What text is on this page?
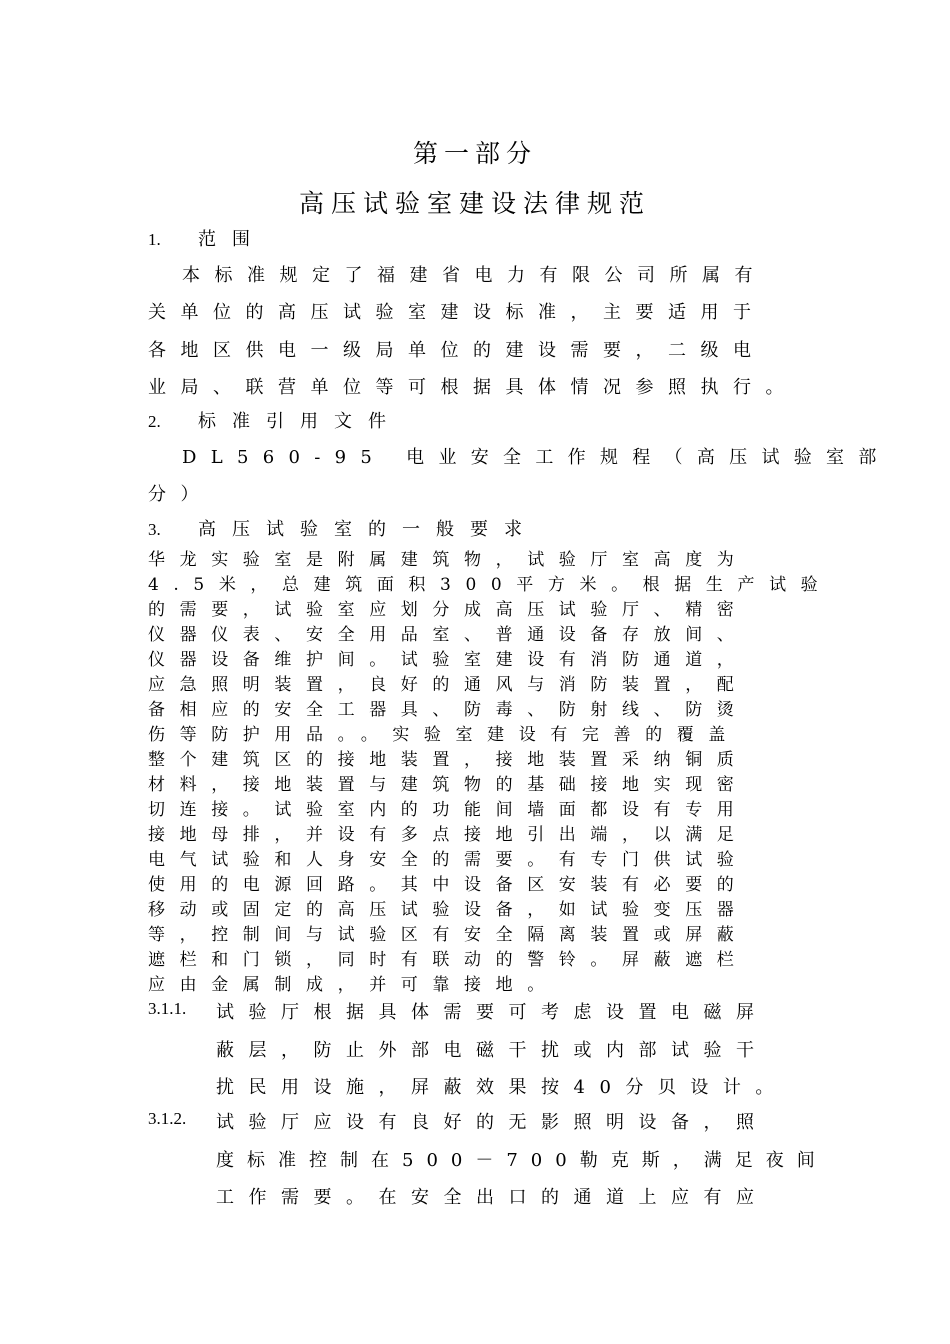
第一部分
高压试验室建设法律规范
1. 范围
本标准规定了福建省电力有限公司所属有
关单位的高压试验室建设标准，主要适用于
各地区供电一级局单位的建设需要，二级电
业局、联营单位等可根据具体情况参照执行。
2. 标准引用文件
DL560-95 电业安全工作规程（高压试验室部
分）
3. 高压试验室的一般要求
华龙实验室是附属建筑物，试验厅室高度为
4.5米，总建筑面积300平方米。根据生产试验
的需要，试验室应划分成高压试验厅、精密
仪器仪表、安全用品室、普通设备存放间、
仪器设备维护间。试验室建设有消防通道，
应急照明装置，良好的通风与消防装置，配
备相应的安全工器具、防毒、防射线、防烫
伤等防护用品。。实验室建设有完善的覆盖
整个建筑区的接地装置，接地装置采纳铜质
材料，接地装置与建筑物的基础接地实现密
切连接。试验室内的功能间墙面都设有专用
接地母排，并设有多点接地引出端，以满足
电气试验和人身安全的需要。有专门供试验
使用的电源回路。其中设备区安装有必要的
移动或固定的高压试验设备，如试验变压器
等，控制间与试验区有安全隔离装置或屏蔽
遮栏和门锁，同时有联动的警铃。屏蔽遮栏
应由金属制成，并可靠接地。
3.1.1. 试验厅根据具体需要可考虑设置电磁屏
蔽层，防止外部电磁干扰或内部试验干
扰民用设施，屏蔽效果按40分贝设计。
3.1.2. 试验厅应设有良好的无影照明设备，照
度标准控制在500－700勒克斯，满足夜间
工作需要。在安全出口的通道上应有应
